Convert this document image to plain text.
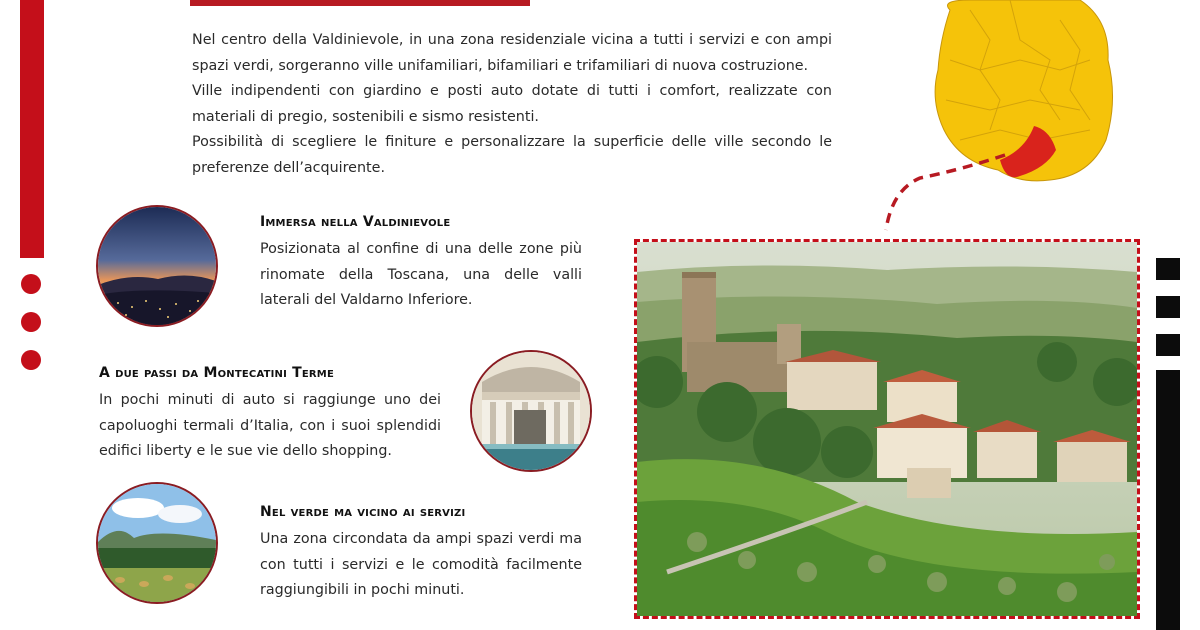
Nel centro della Valdinievole, in una zona residenziale vicina a tutti i servizi e con ampi spazi verdi, sorgeranno ville unifamiliari, bifamiliari e trifamiliari di nuova costruzione.

Ville indipendenti con giardino e posti auto dotate di tutti i comfort, realizzate con materiali di pregio, sostenibili e sismo resistenti.

Possibilità di scegliere le finiture e personalizzare la superficie delle ville secondo le preferenze dell’acquirente.

Immersa nella Valdinievole
Posizionata al confine di una delle zone più rinomate della Toscana, una delle valli laterali del Valdarno Inferiore.
A due passi da Montecatini Terme
In pochi minuti di auto si raggiunge uno dei capoluoghi termali d’Italia, con i suoi splendidi edifici liberty e le sue vie dello shopping.
Nel verde ma vicino ai servizi
Una zona circondata da ampi spazi verdi ma con tutti i servizi e le comodità facilmente raggiungibili in pochi minuti.
